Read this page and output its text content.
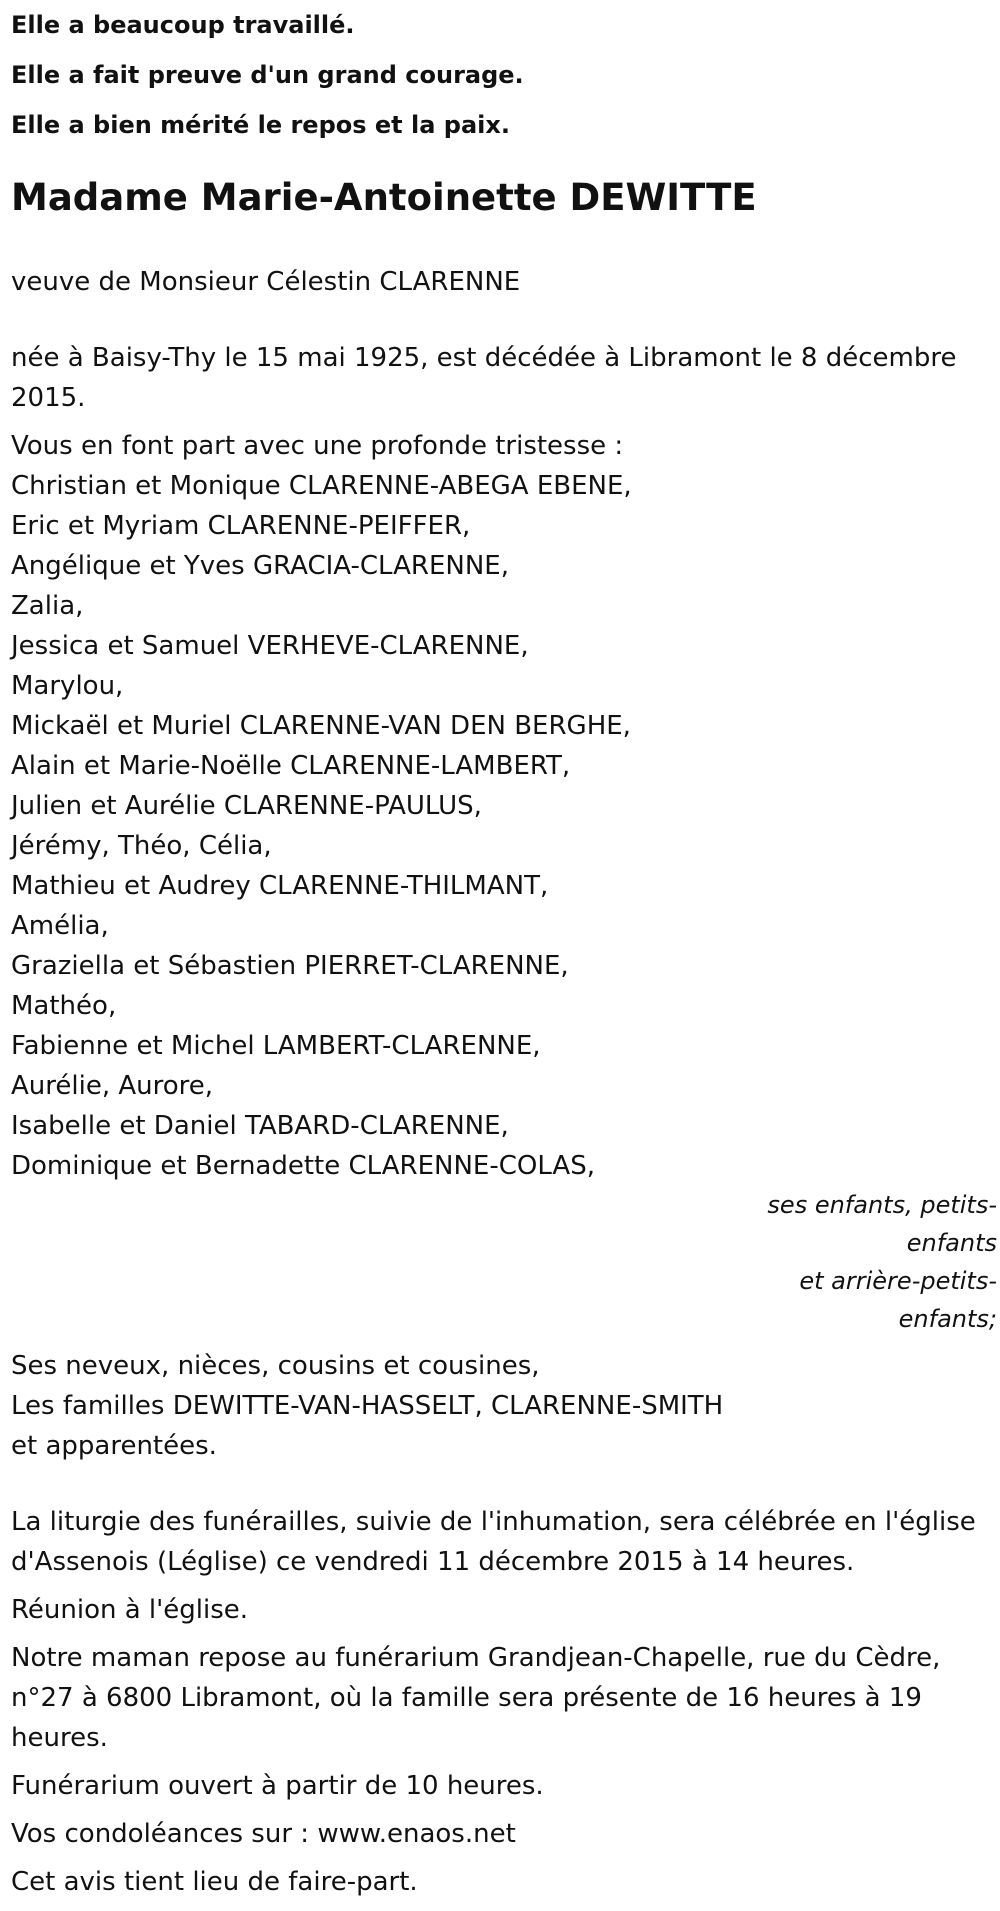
Elle a beaucoup travaillé.

Elle a fait preuve d'un grand courage.

Elle a bien mérité le repos et la paix.

Madame Marie-Antoinette DEWITTE

veuve de Monsieur Célestin CLARENNE

née à Baisy-Thy le 15 mai 1925, est décédée à Libramont le 8 décembre 2015.

Vous en font part avec une profonde tristesse :

Christian et Monique CLARENNE-ABEGA EBENE,

Eric et Myriam CLARENNE-PEIFFER,

Angélique et Yves GRACIA-CLARENNE,

Zalia,

Jessica et Samuel VERHEVE-CLARENNE,

Marylou,

Mickaël et Muriel CLARENNE-VAN DEN BERGHE,

Alain et Marie-Noëlle CLARENNE-LAMBERT,

Julien et Aurélie CLARENNE-PAULUS,

Jérémy, Théo, Célia,

Mathieu et Audrey CLARENNE-THILMANT,

Amélia,

Graziella et Sébastien PIERRET-CLARENNE,

Mathéo,

Fabienne et Michel LAMBERT-CLARENNE,

Aurélie, Aurore,

Isabelle et Daniel TABARD-CLARENNE,

Dominique et Bernadette CLARENNE-COLAS,

ses enfants, petits-enfants
et arrière-petits-enfants;

Ses neveux, nièces, cousins et cousines,

Les familles DEWITTE-VAN-HASSELT, CLARENNE-SMITH

et apparentées.

La liturgie des funérailles, suivie de l'inhumation, sera célébrée en l'église d'Assenois (Léglise) ce vendredi 11 décembre 2015 à 14 heures.

Réunion à l'église.

Notre maman repose au funérarium Grandjean-Chapelle, rue du Cèdre, n°27 à 6800 Libramont, où la famille sera présente de 16 heures à 19 heures.

Funérarium ouvert à partir de 10 heures.

Vos condoléances sur : www.enaos.net

Cet avis tient lieu de faire-part.
